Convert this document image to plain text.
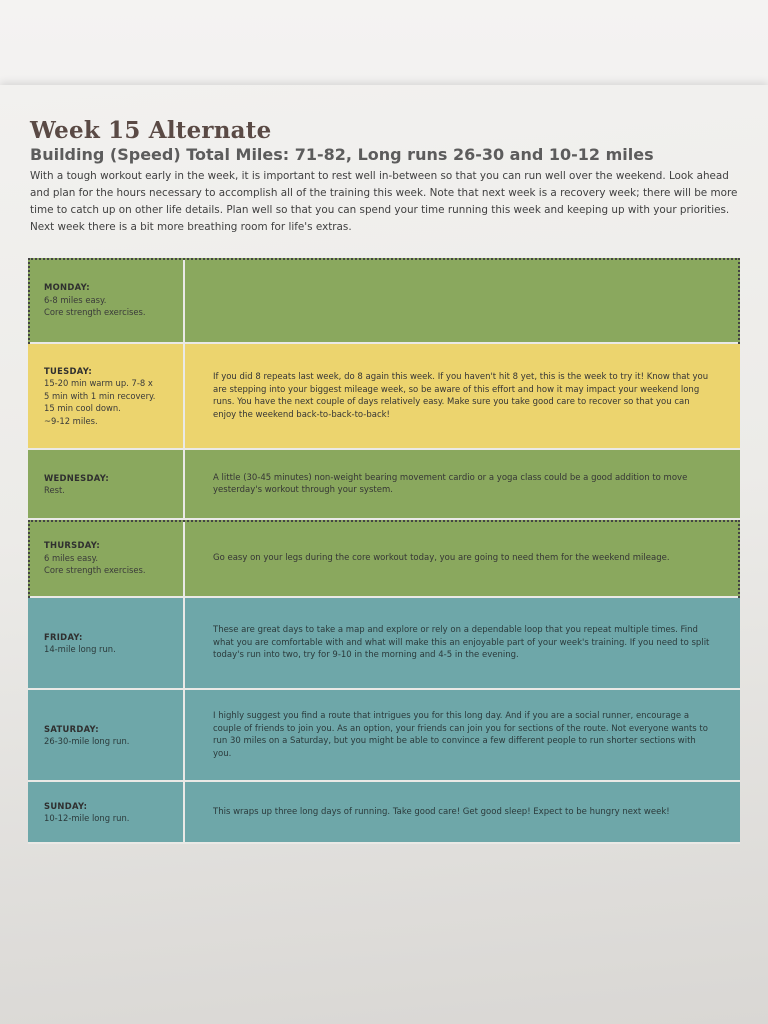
Week 15 Alternate
Building (Speed) Total Miles: 71-82, Long runs 26-30 and 10-12 miles

With a tough workout early in the week, it is important to rest well in-between so that you can run well over the weekend. Look ahead and plan for the hours necessary to accomplish all of the training this week. Note that next week is a recovery week; there will be more time to catch up on other life details. Plan well so that you can spend your time running this week and keeping up with your priorities. Next week there is a bit more breathing room for life's extras.

MONDAY:
6-8 miles easy.
Core strength exercises.
TUESDAY:
15-20 min warm up. 7-8 x
5 min with 1 min recovery.
15 min cool down.
~9-12 miles.
If you did 8 repeats last week, do 8 again this week. If you haven't hit 8 yet, this is the week to try it! Know that you are stepping into your biggest mileage week, so be aware of this effort and how it may impact your weekend long runs. You have the next couple of days relatively easy. Make sure you take good care to recover so that you can enjoy the weekend back-to-back-to-back!
WEDNESDAY:
Rest.
A little (30-45 minutes) non-weight bearing movement cardio or a yoga class could be a good addition to move yesterday's workout through your system.
THURSDAY:
6 miles easy.
Core strength exercises.
Go easy on your legs during the core workout today, you are going to need them for the weekend mileage.
FRIDAY:
14-mile long run.
These are great days to take a map and explore or rely on a dependable loop that you repeat multiple times. Find what you are comfortable with and what will make this an enjoyable part of your week's training. If you need to split today's run into two, try for 9-10 in the morning and 4-5 in the evening.
SATURDAY:
26-30-mile long run.
I highly suggest you find a route that intrigues you for this long day. And if you are a social runner, encourage a couple of friends to join you. As an option, your friends can join you for sections of the route. Not everyone wants to run 30 miles on a Saturday, but you might be able to convince a few different people to run shorter sections with you.
SUNDAY:
10-12-mile long run.
This wraps up three long days of running. Take good care! Get good sleep! Expect to be hungry next week!
